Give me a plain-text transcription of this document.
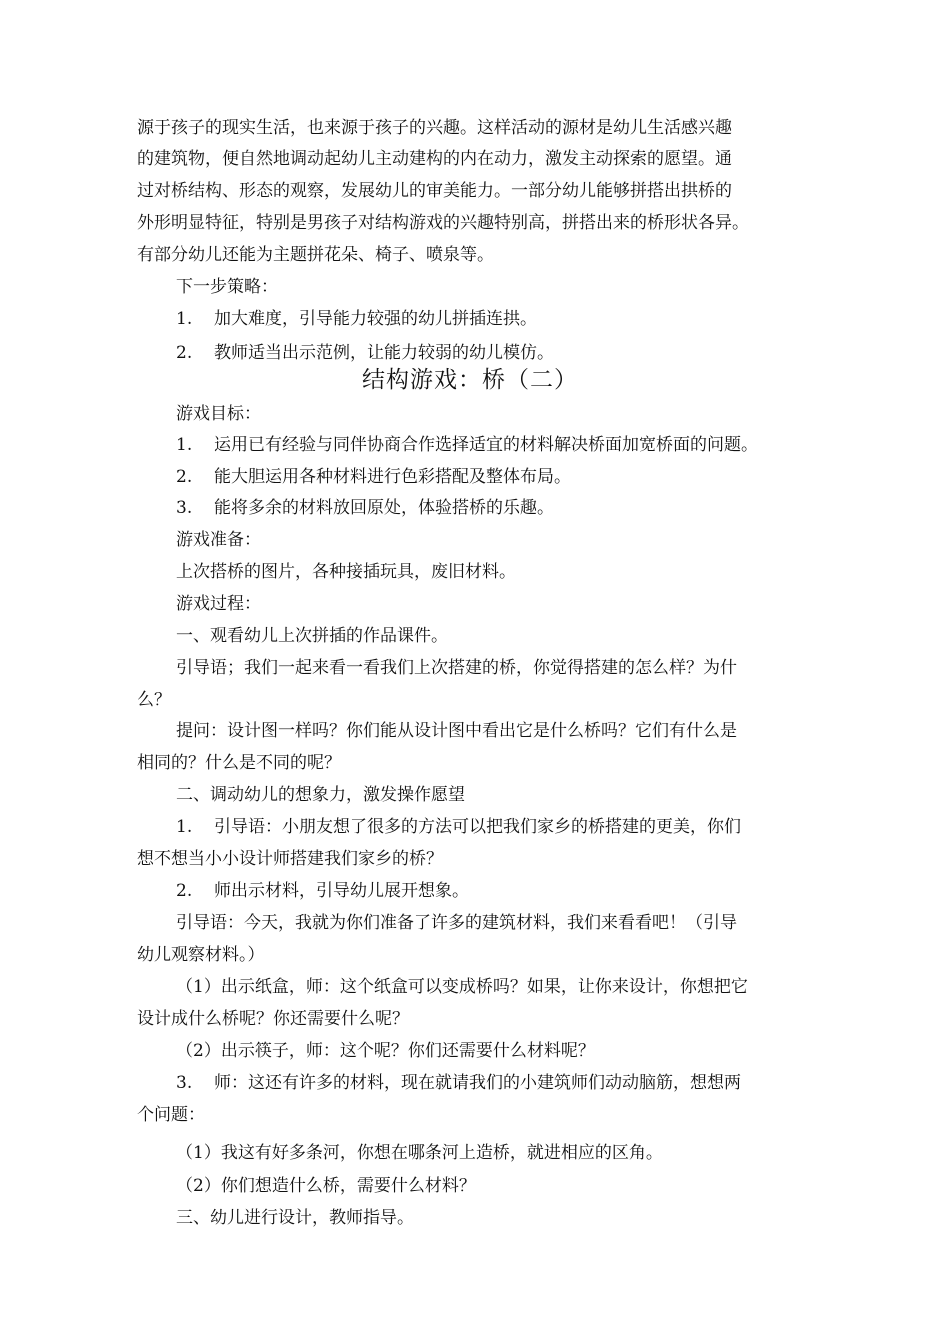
源于孩子的现实生活，也来源于孩子的兴趣。这样活动的源材是幼儿生活感兴趣
的建筑物，便自然地调动起幼儿主动建构的内在动力，激发主动探索的愿望。通
过对桥结构、形态的观察，发展幼儿的审美能力。一部分幼儿能够拼搭出拱桥的
外形明显特征，特别是男孩子对结构游戏的兴趣特别高，拼搭出来的桥形状各异。
有部分幼儿还能为主题拼花朵、椅子、喷泉等。
下一步策略：
1. 加大难度，引导能力较强的幼儿拼插连拱。
2. 教师适当出示范例，让能力较弱的幼儿模仿。
结构游戏：桥（二）
游戏目标：
1. 运用已有经验与同伴协商合作选择适宜的材料解决桥面加宽桥面的问题。
2. 能大胆运用各种材料进行色彩搭配及整体布局。
3. 能将多余的材料放回原处，体验搭桥的乐趣。
游戏准备：
上次搭桥的图片，各种接插玩具，废旧材料。
游戏过程：
一、观看幼儿上次拼插的作品课件。
引导语；我们一起来看一看我们上次搭建的桥，你觉得搭建的怎么样？为什
么？
提问：设计图一样吗？你们能从设计图中看出它是什么桥吗？它们有什么是
相同的？什么是不同的呢？
二、调动幼儿的想象力，激发操作愿望
1. 引导语：小朋友想了很多的方法可以把我们家乡的桥搭建的更美，你们
想不想当小小设计师搭建我们家乡的桥？
2. 师出示材料，引导幼儿展开想象。
引导语：今天，我就为你们准备了许多的建筑材料，我们来看看吧！（引导
幼儿观察材料。）
（1）出示纸盒，师：这个纸盒可以变成桥吗？如果，让你来设计，你想把它
设计成什么桥呢？你还需要什么呢？
（2）出示筷子，师：这个呢？你们还需要什么材料呢？
3. 师：这还有许多的材料，现在就请我们的小建筑师们动动脑筋，想想两
个问题：
（1）我这有好多条河，你想在哪条河上造桥，就进相应的区角。
（2）你们想造什么桥，需要什么材料？
三、幼儿进行设计，教师指导。
